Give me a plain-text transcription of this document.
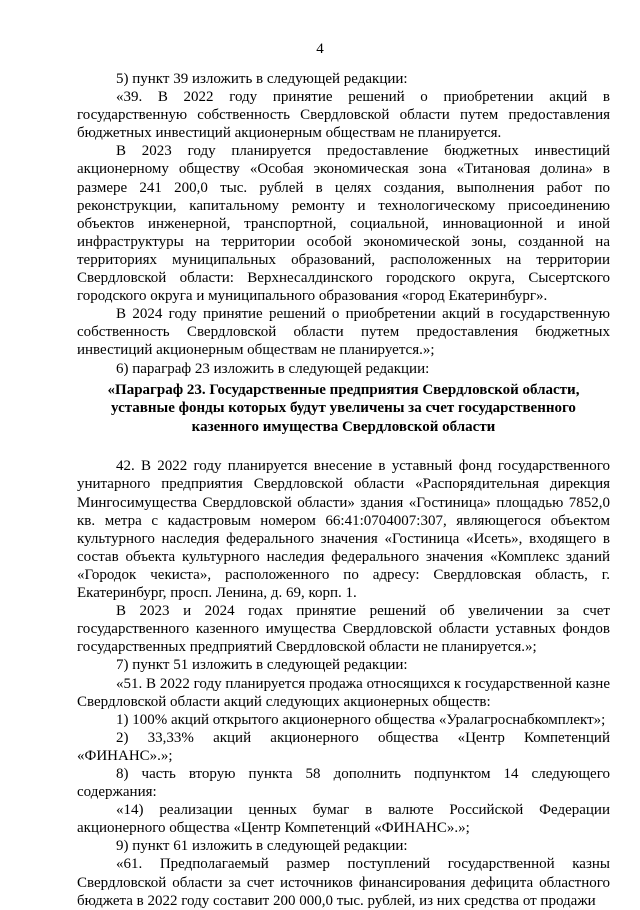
4

5) пункт 39 изложить в следующей редакции:

«39. В 2022 году принятие решений о приобретении акций в государственную собственность Свердловской области путем предоставления бюджетных инвестиций акционерным обществам не планируется.

В 2023 году планируется предоставление бюджетных инвестиций акционерному обществу «Особая экономическая зона «Титановая долина» в размере 241 200,0 тыс. рублей в целях создания, выполнения работ по реконструкции, капитальному ремонту и технологическому присоединению объектов инженерной, транспортной, социальной, инновационной и иной инфраструктуры на территории особой экономической зоны, созданной на территориях муниципальных образований, расположенных на территории Свердловской области: Верхнесалдинского городского округа, Сысертского городского округа и муниципального образования «город Екатеринбург».

В 2024 году принятие решений о приобретении акций в государственную собственность Свердловской области путем предоставления бюджетных инвестиций акционерным обществам не планируется.»;

6) параграф 23 изложить в следующей редакции:

«Параграф 23. Государственные предприятия Свердловской области, уставные фонды которых будут увеличены за счет государственного казенного имущества Свердловской области

42. В 2022 году планируется внесение в уставный фонд государственного унитарного предприятия Свердловской области «Распорядительная дирекция Мингосимущества Свердловской области» здания «Гостиница» площадью 7852,0 кв. метра с кадастровым номером 66:41:0704007:307, являющегося объектом культурного наследия федерального значения «Гостиница «Исеть», входящего в состав объекта культурного наследия федерального значения «Комплекс зданий «Городок чекиста», расположенного по адресу: Свердловская область, г. Екатеринбург, просп. Ленина, д. 69, корп. 1.

В 2023 и 2024 годах принятие решений об увеличении за счет государственного казенного имущества Свердловской области уставных фондов государственных предприятий Свердловской области не планируется.»;

7) пункт 51 изложить в следующей редакции:

«51. В 2022 году планируется продажа относящихся к государственной казне Свердловской области акций следующих акционерных обществ:

1) 100% акций открытого акционерного общества «Уралагроснабкомплект»;

2) 33,33% акций акционерного общества «Центр Компетенций «ФИНАНС».»;

8) часть вторую пункта 58 дополнить подпунктом 14 следующего содержания:

«14) реализации ценных бумаг в валюте Российской Федерации акционерного общества «Центр Компетенций «ФИНАНС».»;

9) пункт 61 изложить в следующей редакции:

«61. Предполагаемый размер поступлений государственной казны Свердловской области за счет источников финансирования дефицита областного бюджета в 2022 году составит 200 000,0 тыс. рублей, из них средства от продажи
